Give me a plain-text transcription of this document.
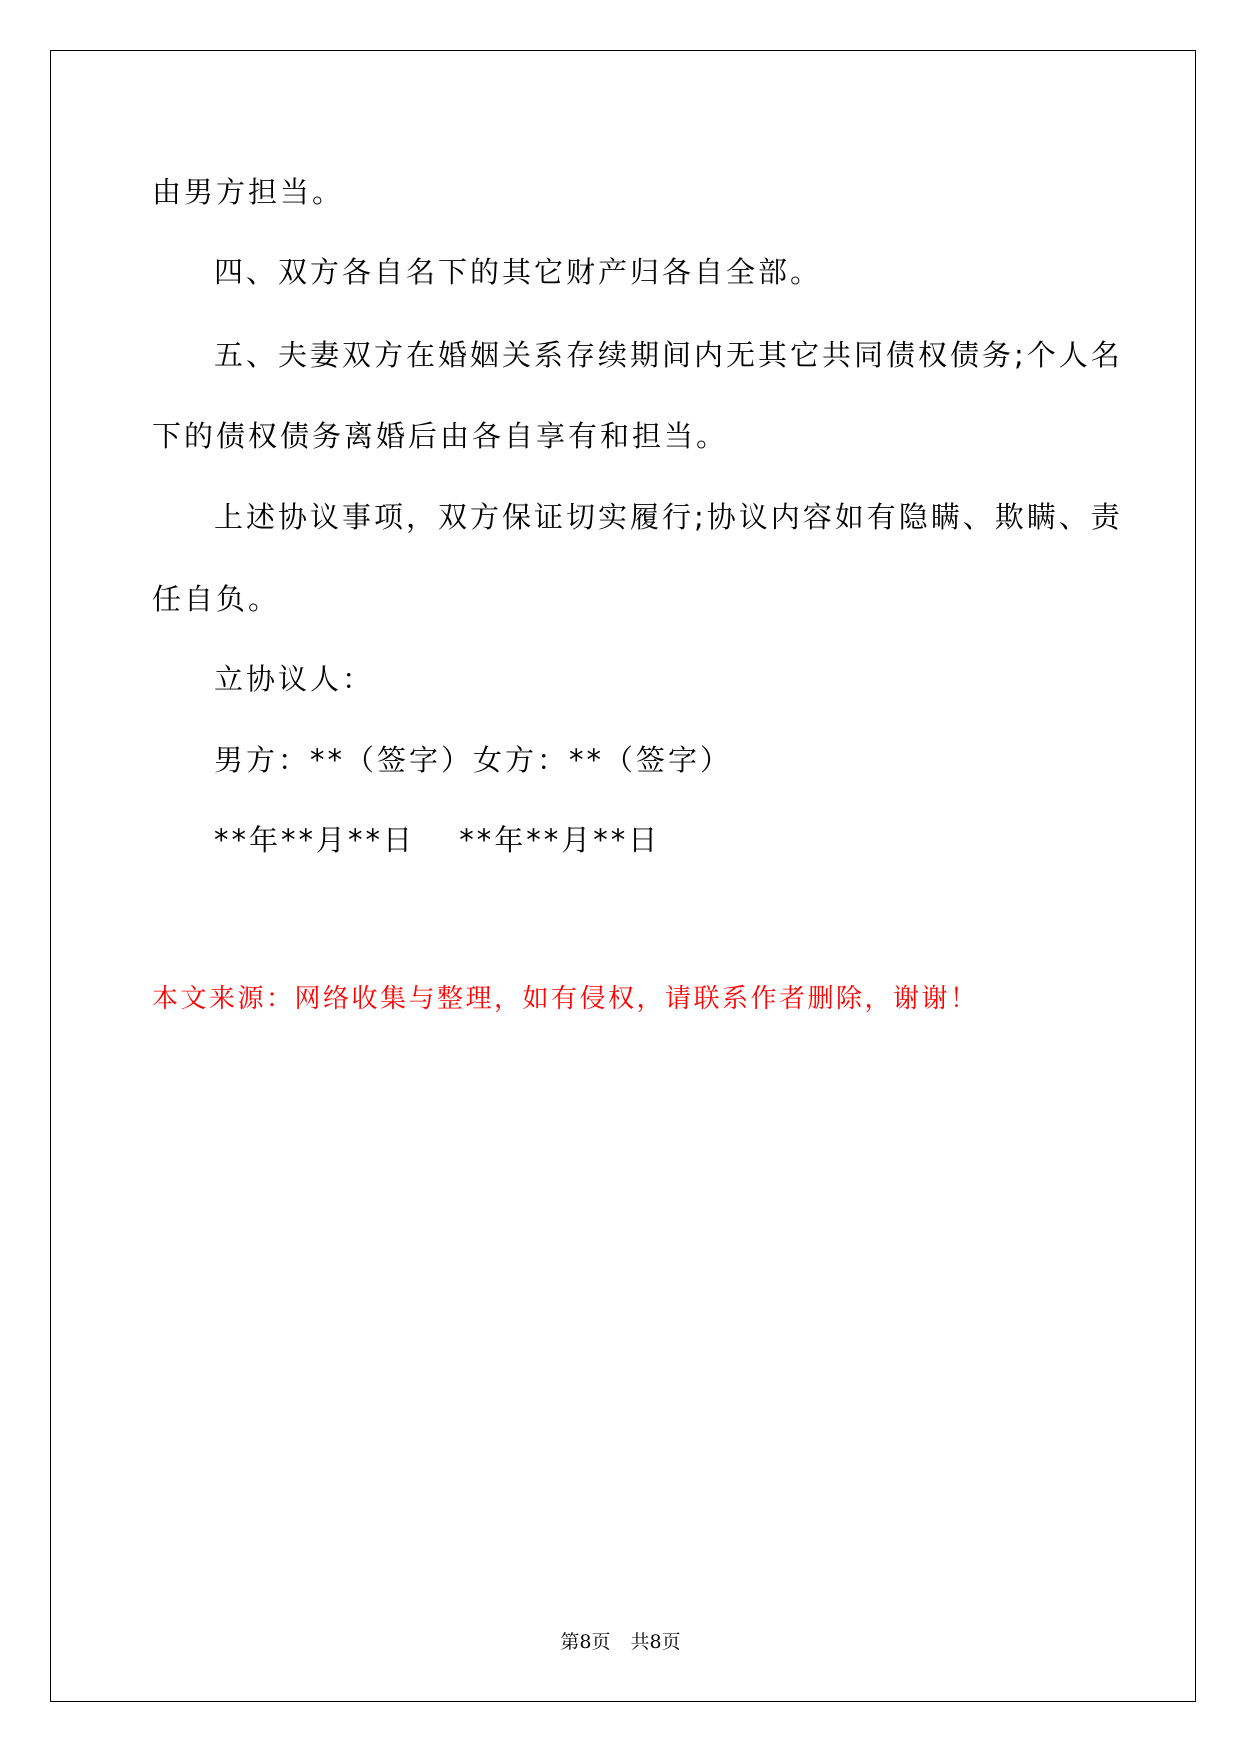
由男方担当。
四、双方各自名下的其它财产归各自全部。
五、夫妻双方在婚姻关系存续期间内无其它共同债权债务;个人名
下的债权债务离婚后由各自享有和担当。
上述协议事项，双方保证切实履行;协议内容如有隐瞒、欺瞒、责
任自负。
立协议人：
男方：**（签字）女方：**（签字）
**年**月**日　 **年**月**日
本文来源：网络收集与整理，如有侵权，请联系作者删除，谢谢！
第8页 共8页
